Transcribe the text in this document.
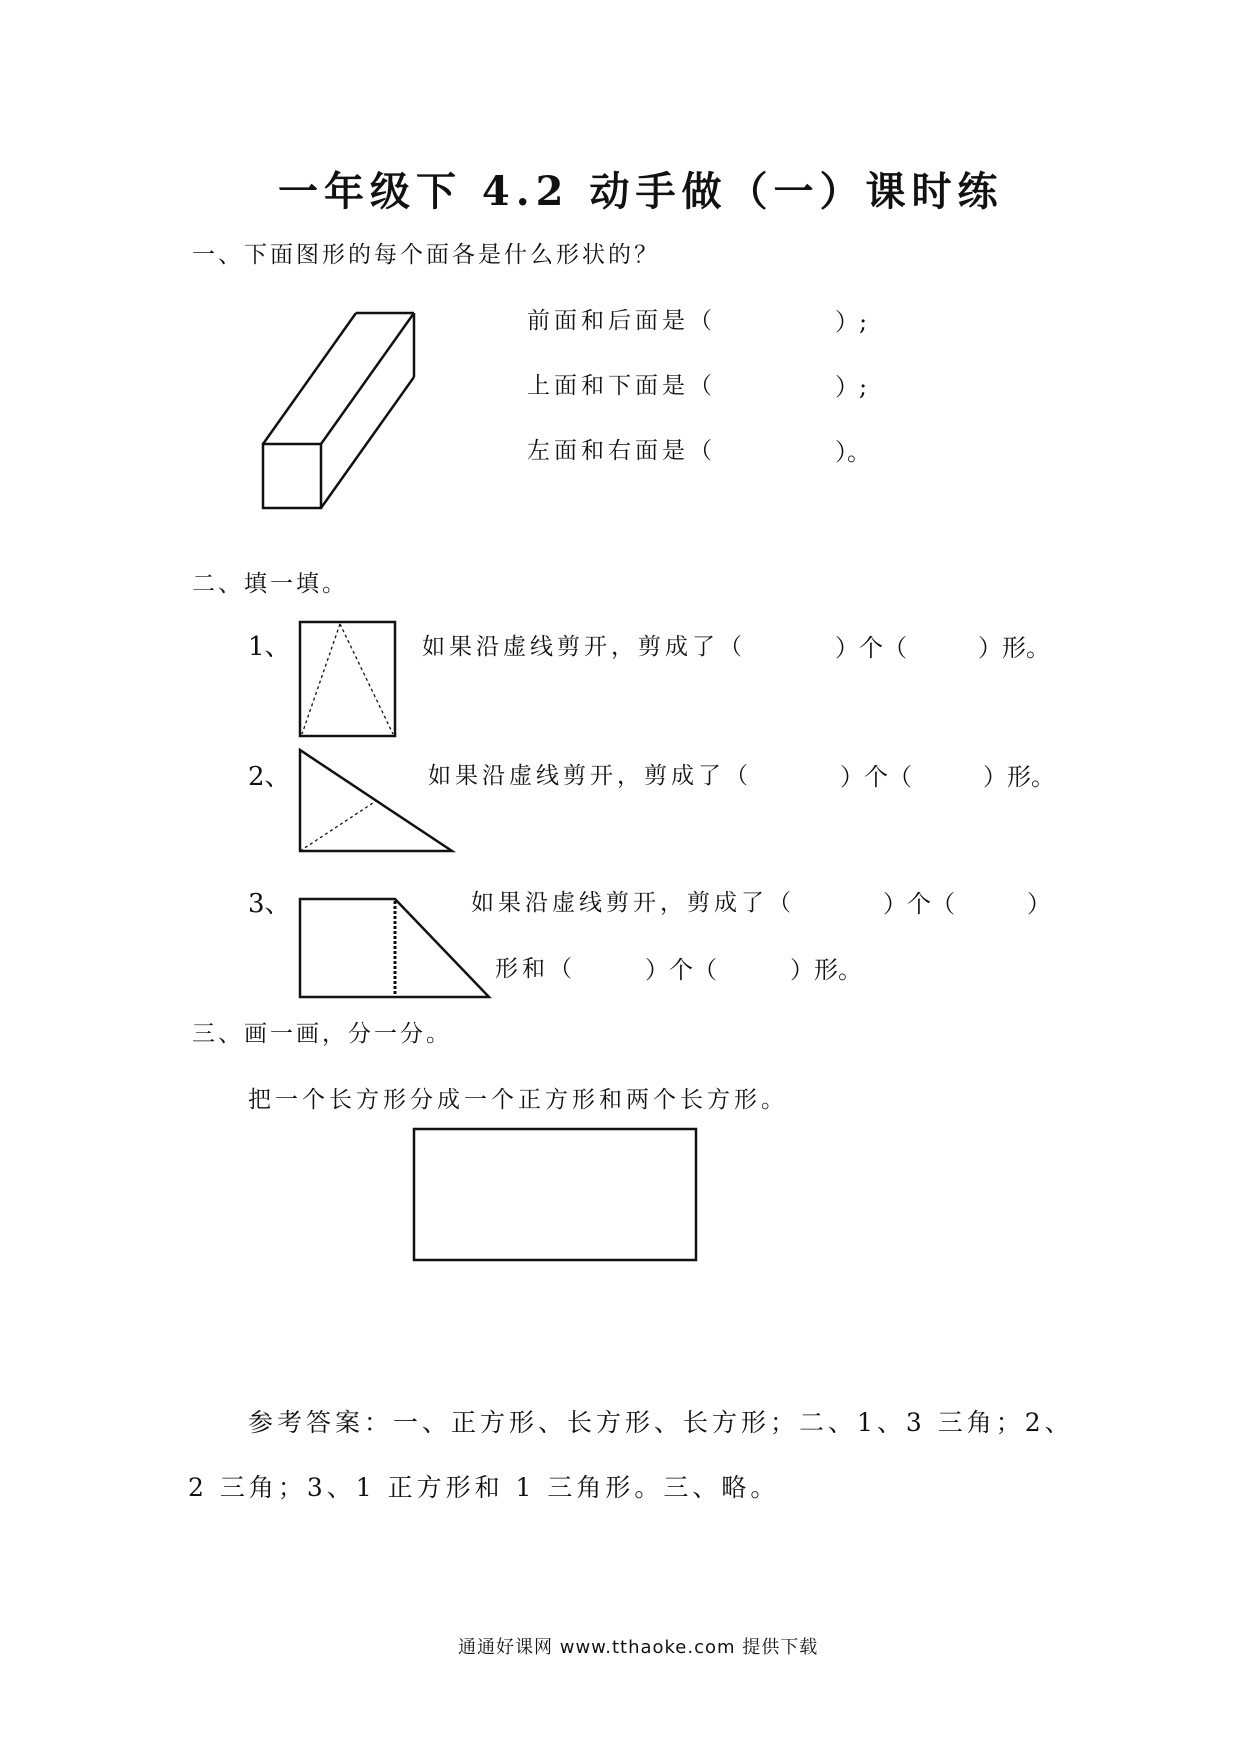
一年级下 4.2 动手做（一）课时练
一、下面图形的每个面各是什么形状的？
前面和后面是（	）;
上面和下面是（	）;
左面和右面是（	）。
二、填一填。
1、	如果沿虚线剪开，剪成了（	）个（	）形。
2、	如果沿虚线剪开，剪成了（	）个（	）形。
3、	如果沿虚线剪开，剪成了（	）个（	）
形和（	）个（	）形。
三、画一画，分一分。
把一个长方形分成一个正方形和两个长方形。
参考答案：一、正方形、长方形、长方形；二、1、3 三角；2、
2 三角；3、1 正方形和 1 三角形。三、略。
通通好课网 www.tthaoke.com 提供下载
